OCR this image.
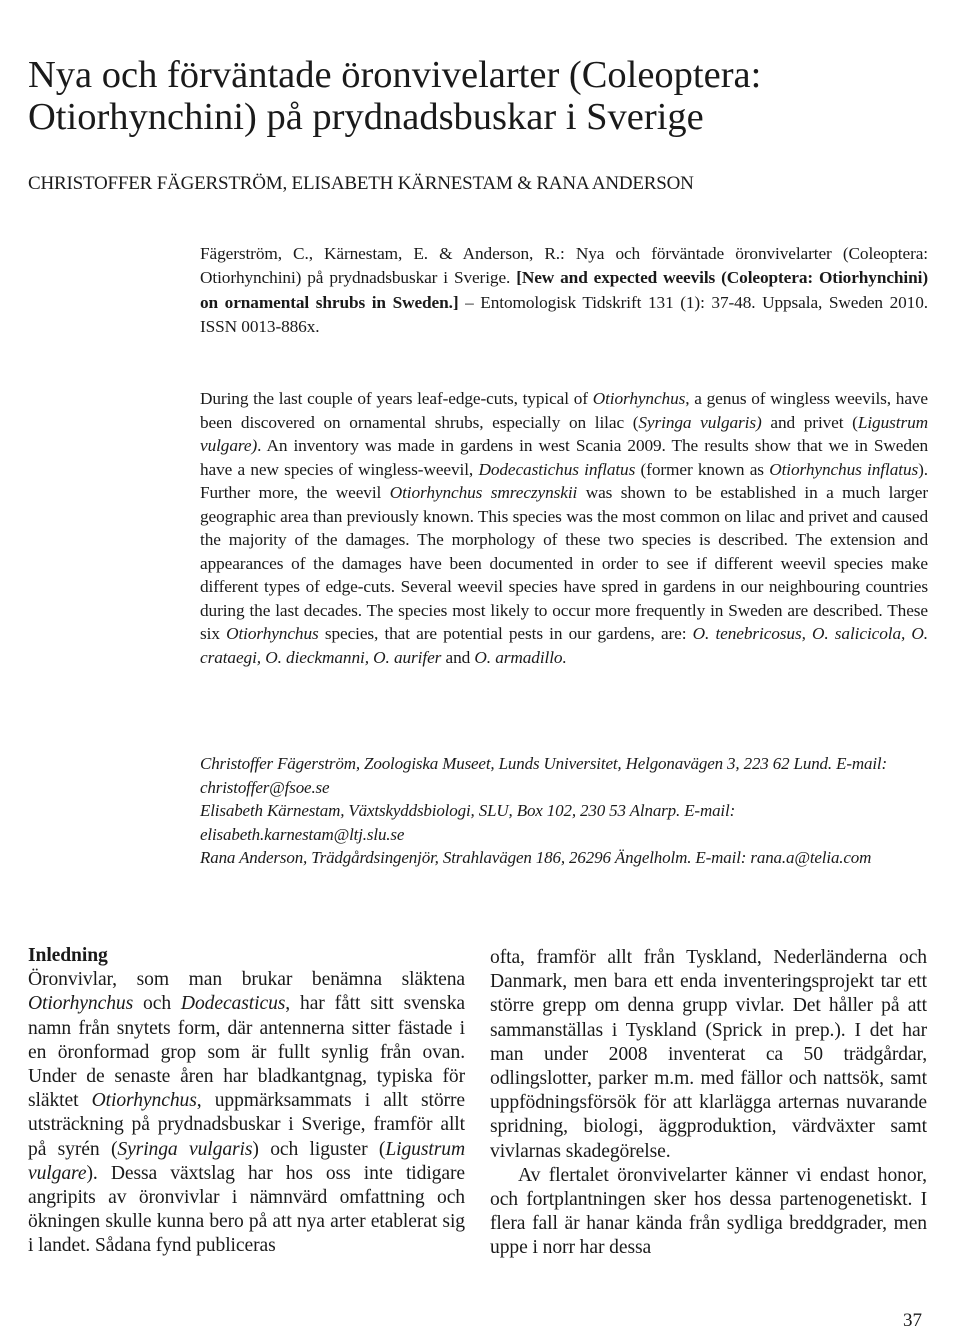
Nya och förväntade öronvivelarter (Coleoptera:
Otiorhynchini) på prydnadsbuskar i Sverige

CHRISTOFFER FÄGERSTRÖM, ELISABETH KÄRNESTAM & RANA ANDERSON

Fägerström, C., Kärnestam, E. & Anderson, R.: Nya och förväntade öronvivelarter (Coleoptera: Otiorhynchini) på prydnadsbuskar i Sverige. [New and expected weevils (Coleoptera: Otiorhynchini) on ornamental shrubs in Sweden.] – Entomologisk Tidskrift 131 (1): 37-48. Uppsala, Sweden 2010. ISSN 0013-886x.

During the last couple of years leaf-edge-cuts, typical of Otiorhynchus, a genus of wingless weevils, have been discovered on ornamental shrubs, especially on lilac (Syringa vulgaris) and privet (Ligustrum vulgare). An inventory was made in gardens in west Scania 2009. The results show that we in Sweden have a new species of wingless-weevil, Dodecastichus inflatus (former known as Otiorhynchus inflatus). Further more, the weevil Otiorhynchus smreczynskii was shown to be established in a much larger geographic area than previously known. This species was the most common on lilac and privet and caused the majority of the damages. The morphology of these two species is described. The extension and appearances of the damages have been documented in order to see if different weevil species make different types of edge-cuts. Several weevil species have spred in gardens in our neighbouring countries during the last decades. The species most likely to occur more frequently in Sweden are described. These six Otiorhynchus species, that are potential pests in our gardens, are: O. tenebricosus, O. salicicola, O. crataegi, O. dieckmanni, O. aurifer and O. armadillo.

Christoffer Fägerström, Zoologiska Museet, Lunds Universitet, Helgonavägen 3, 223 62 Lund. E-mail: christoffer@fsoe.se
Elisabeth Kärnestam, Växtskyddsbiologi, SLU, Box 102, 230 53 Alnarp. E-mail: elisabeth.karnestam@ltj.slu.se
Rana Anderson, Trädgårdsingenjör, Strahlavägen 186, 26296 Ängelholm. E-mail: rana.a@telia.com

Inledning
Öronvivlar, som man brukar benämna släktena Otiorhynchus och Dodecasticus, har fått sitt svenska namn från snytets form, där antennerna sitter fästade i en öronformad grop som är fullt synlig från ovan. Under de senaste åren har bladkantgnag, typiska för släktet Otiorhynchus, uppmärksammats i allt större utsträckning på prydnadsbuskar i Sverige, framför allt på syrén (Syringa vulgaris) och liguster (Ligustrum vulgare). Dessa växtslag har hos oss inte tidigare angripits av öronvivlar i nämnvärd omfattning och ökningen skulle kunna bero på att nya arter etablerat sig i landet. Sådana fynd publiceras

ofta, framför allt från Tyskland, Nederländerna och Danmark, men bara ett enda inventeringsprojekt tar ett större grepp om denna grupp vivlar. Det håller på att sammanställas i Tyskland (Sprick in prep.). I det har man under 2008 inventerat ca 50 trädgårdar, odlingslotter, parker m.m. med fällor och nattsök, samt uppfödningsförsök för att klarlägga arternas nuvarande spridning, biologi, äggproduktion, värdväxter samt vivlarnas skadegörelse.

Av flertalet öronvivelarter känner vi endast honor, och fortplantningen sker hos dessa partenogenetiskt. I flera fall är hanar kända från sydliga breddgrader, men uppe i norr har dessa

37
